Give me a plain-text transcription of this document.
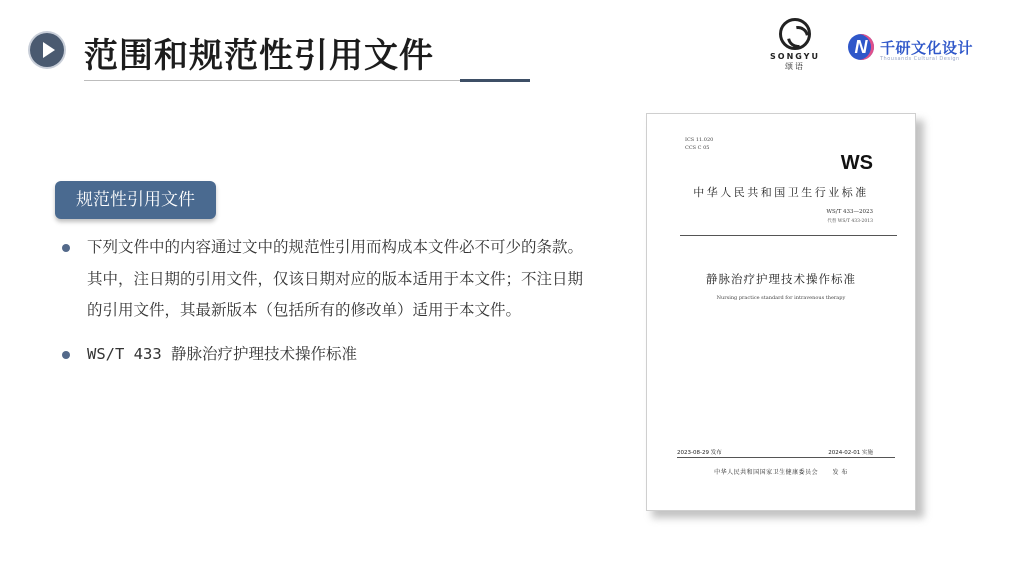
范围和规范性引用文件	SONGYU
颂语
N 千研文化设计
Thousands Cultural Design
规范性引用文件
下列文件中的内容通过文中的规范性引用而构成本文件必不可少的条款。其中，注日期的引用文件，仅该日期对应的版本适用于本文件；不注日期的引用文件，其最新版本（包括所有的修改单）适用于本文件。
WS/T 433 静脉治疗护理技术操作标准
ICS 11.020
CCS C 05
WS
中华人民共和国卫生行业标准
WS/T 433—2023
代替 WS/T 433-2013
静脉治疗护理技术操作标准
Nursing practice standard for intravenous therapy
2023-08-29 发布	2024-02-01 实施
中华人民共和国国家卫生健康委员会      发 布
